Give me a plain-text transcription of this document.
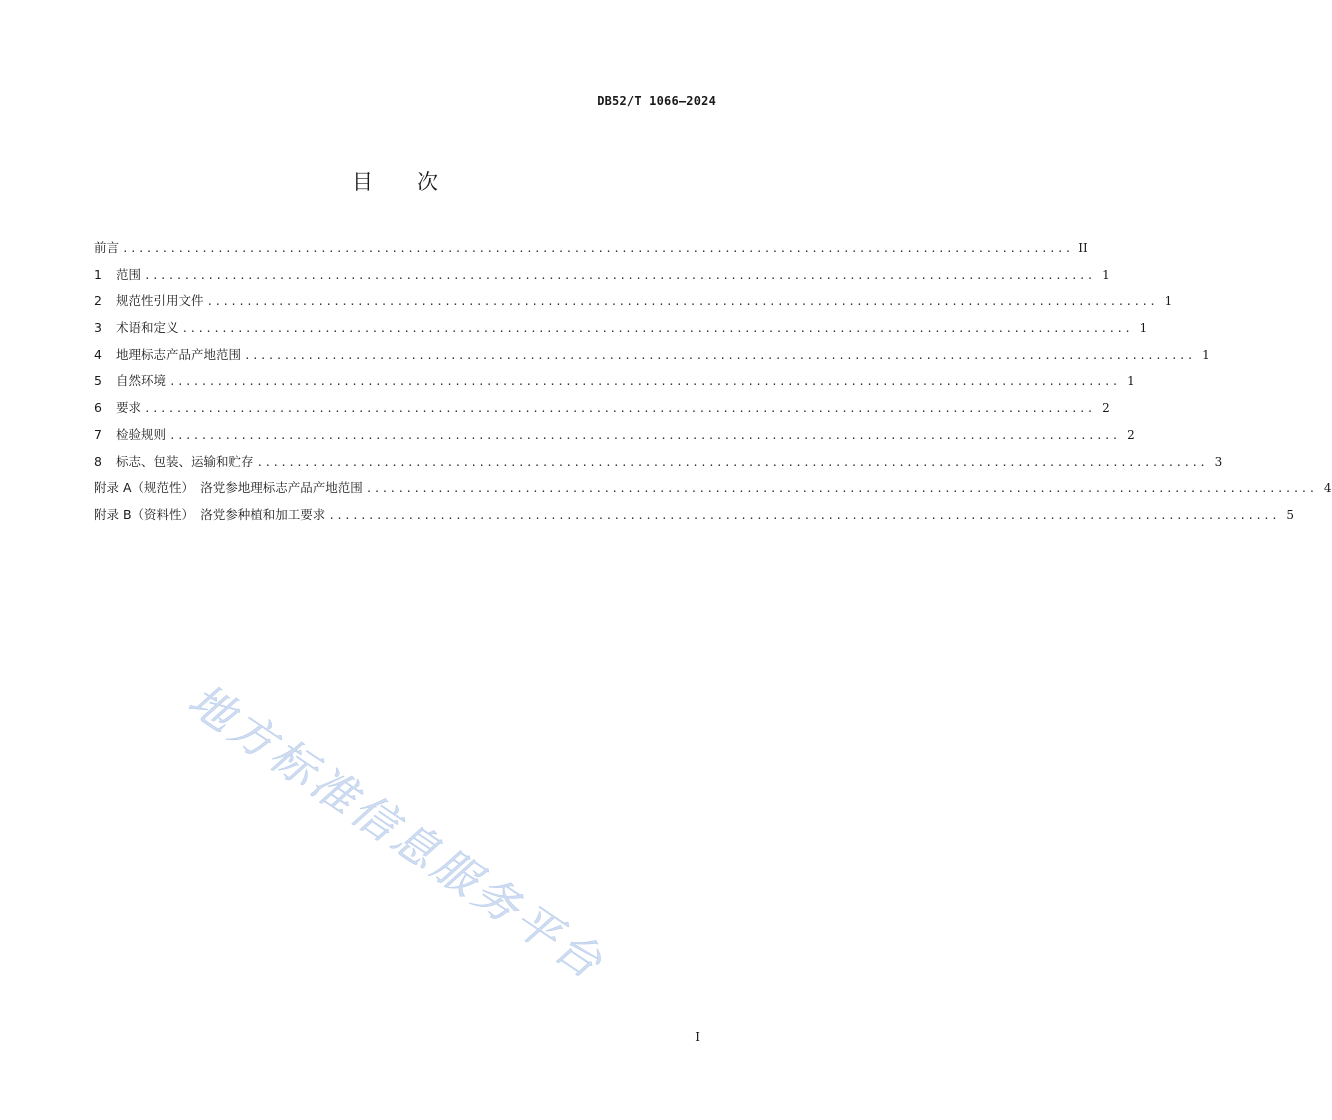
DB52/T 1066—2024
目 次
前言 ........................................................................................................................ II
1	范围 ........................................................................................................................ 1
2	规范性引用文件 ........................................................................................................................ 1
3	术语和定义 ........................................................................................................................ 1
4	地理标志产品产地范围 ........................................................................................................................ 1
5	自然环境 ........................................................................................................................ 1
6	要求 ........................................................................................................................ 2
7	检验规则 ........................................................................................................................ 2
8	标志、包装、运输和贮存 ........................................................................................................................ 3
附录 A（规范性）　洛党参地理标志产品产地范围 ........................................................................................................................ 4
附录 B（资料性）　洛党参种植和加工要求 ........................................................................................................................ 5
地方标准信息服务平台
I
